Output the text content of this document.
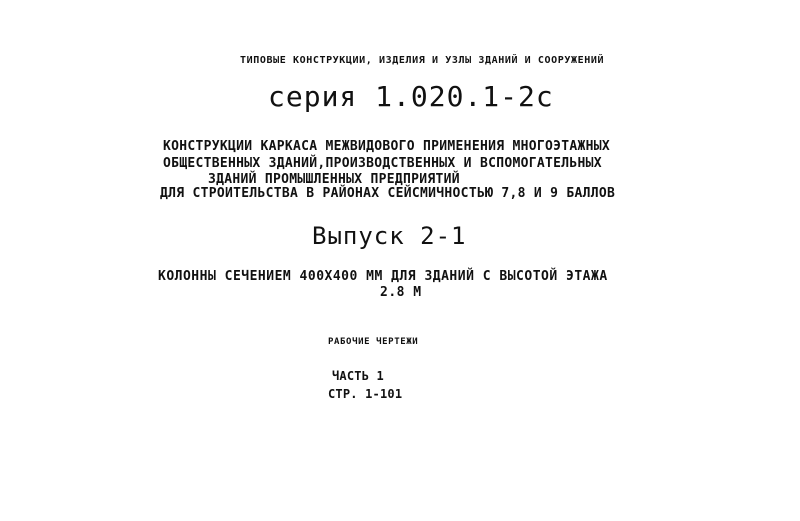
ТИПОВЫЕ КОНСТРУКЦИИ, ИЗДЕЛИЯ И УЗЛЫ ЗДАНИЙ И СООРУЖЕНИЙ
серия 1.020.1-2с
КОНСТРУКЦИИ КАРКАСА МЕЖВИДОВОГО ПРИМЕНЕНИЯ МНОГОЭТАЖНЫХ
ОБЩЕСТВЕННЫХ ЗДАНИЙ,ПРОИЗВОДСТВЕННЫХ И ВСПОМОГАТЕЛЬНЫХ
ЗДАНИЙ ПРОМЫШЛЕННЫХ ПРЕДПРИЯТИЙ
ДЛЯ СТРОИТЕЛЬСТВА В РАЙОНАХ СЕЙСМИЧНОСТЬЮ 7,8 И 9 БАЛЛОВ
Выпуск 2-1
КОЛОННЫ СЕЧЕНИЕМ 400Х400 ММ ДЛЯ ЗДАНИЙ С ВЫСОТОЙ ЭТАЖА
2.8 М
РАБОЧИЕ ЧЕРТЕЖИ
ЧАСТЬ 1
СТР. 1-101
